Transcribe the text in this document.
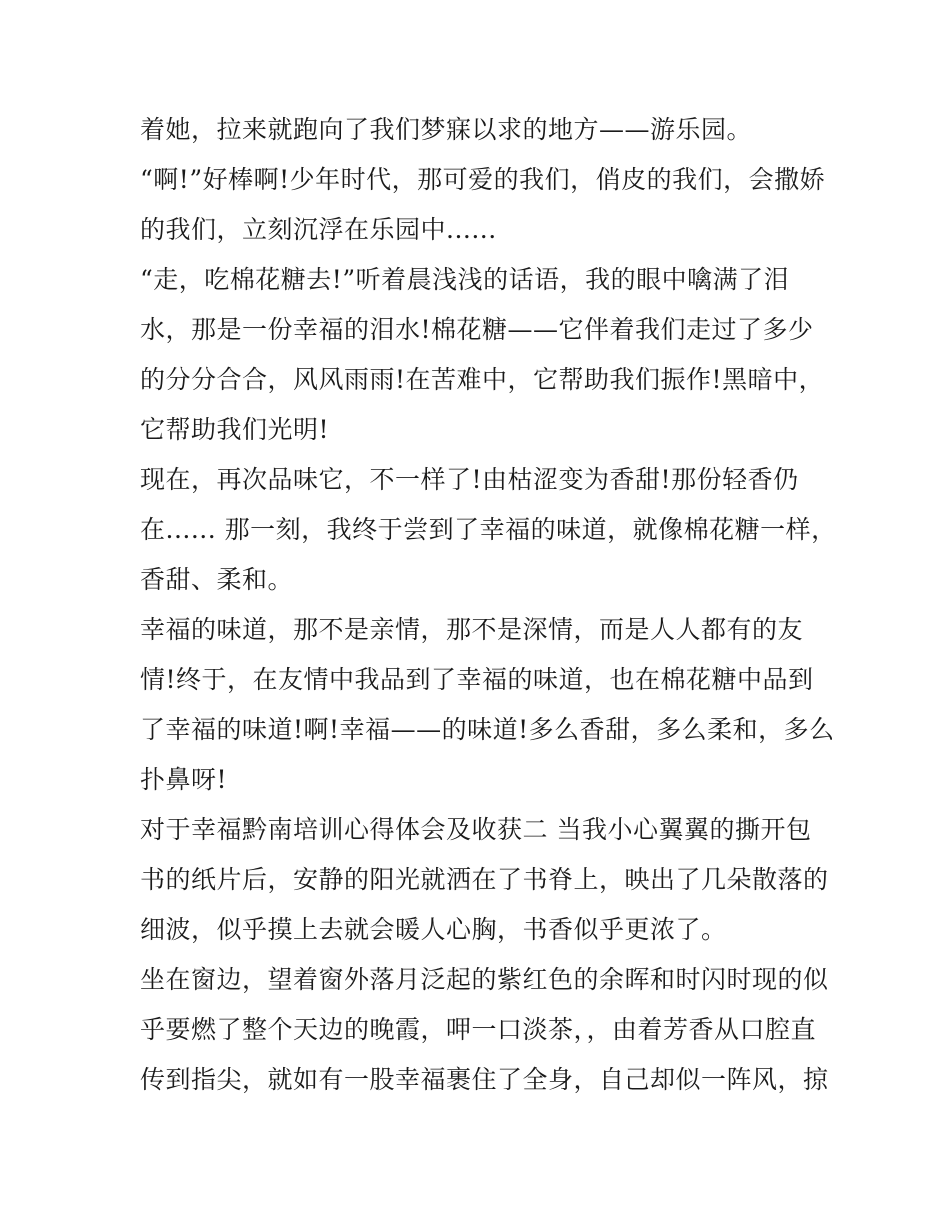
着她，拉来就跑向了我们梦寐以求的地方——游乐园。
“啊!”好棒啊!少年时代，那可爱的我们，俏皮的我们，会撒娇
的我们，立刻沉浮在乐园中......
“走，吃棉花糖去!”听着晨浅浅的话语，我的眼中噙满了泪
水，那是一份幸福的泪水!棉花糖——它伴着我们走过了多少
的分分合合，风风雨雨!在苦难中，它帮助我们振作!黑暗中，
它帮助我们光明!
现在，再次品味它，不一样了!由枯涩变为香甜!那份轻香仍
在...... 那一刻，我终于尝到了幸福的味道，就像棉花糖一样，
香甜、柔和。
幸福的味道，那不是亲情，那不是深情，而是人人都有的友
情!终于，在友情中我品到了幸福的味道，也在棉花糖中品到
了幸福的味道!啊!幸福——的味道!多么香甜，多么柔和，多么
扑鼻呀!
对于幸福黔南培训心得体会及收获二 当我小心翼翼的撕开包
书的纸片后，安静的阳光就洒在了书脊上，映出了几朵散落的
细波，似乎摸上去就会暖人心胸，书香似乎更浓了。
坐在窗边，望着窗外落月泛起的紫红色的余晖和时闪时现的似
乎要燃了整个天边的晚霞，呷一口淡茶，，由着芳香从口腔直
传到指尖，就如有一股幸福裹住了全身，自己却似一阵风，掠
